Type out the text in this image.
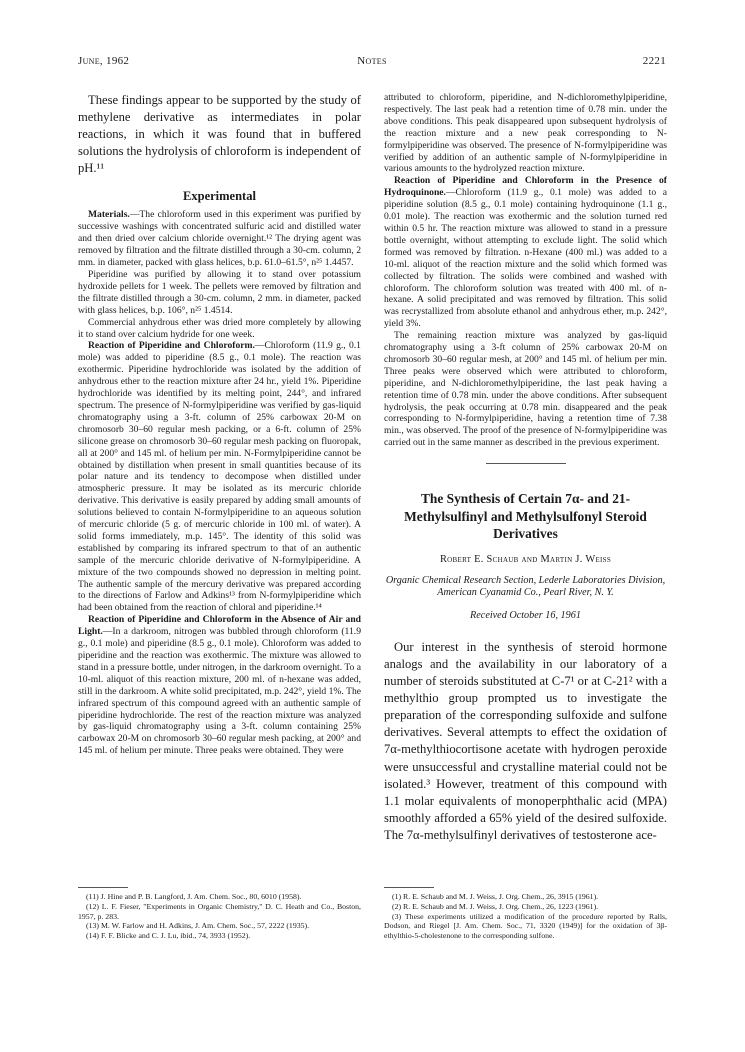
June, 1962	Notes	2221

These findings appear to be supported by the study of methylene derivative as intermediates in polar reactions, in which it was found that in buffered solutions the hydrolysis of chloroform is independent of pH.¹¹

Experimental

Materials.—The chloroform used in this experiment was purified by successive washings with concentrated sulfuric acid and distilled water and then dried over calcium chloride overnight.¹² The drying agent was removed by filtration and the filtrate distilled through a 30-cm. column, 2 mm. in diameter, packed with glass helices, b.p. 61.0–61.5°, n²⁵ 1.4457.

Piperidine was purified by allowing it to stand over potassium hydroxide pellets for 1 week. The pellets were removed by filtration and the filtrate distilled through a 30-cm. column, 2 mm. in diameter, packed with glass helices, b.p. 106°, n²⁵ 1.4514.

Commercial anhydrous ether was dried more completely by allowing it to stand over calcium hydride for one week.

Reaction of Piperidine and Chloroform.—Chloroform (11.9 g., 0.1 mole) was added to piperidine (8.5 g., 0.1 mole). The reaction was exothermic. Piperidine hydrochloride was isolated by the addition of anhydrous ether to the reaction mixture after 24 hr., yield 1%. Piperidine hydrochloride was identified by its melting point, 244°, and infrared spectrum. The presence of N-formylpiperidine was verified by gas-liquid chromatography using a 3-ft. column of 25% carbowax 20-M on chromosorb 30–60 regular mesh packing, or a 6-ft. column of 25% silicone grease on chromosorb 30–60 regular mesh packing on fluoropak, all at 200° and 145 ml. of helium per min. N-Formylpiperidine cannot be obtained by distillation when present in small quantities because of its polar nature and its tendency to decompose when distilled under atmospheric pressure. It may be isolated as its mercuric chloride derivative. This derivative is easily prepared by adding small amounts of solutions believed to contain N-formylpiperidine to an aqueous solution of mercuric chloride (5 g. of mercuric chloride in 100 ml. of water). A solid forms immediately, m.p. 145°. The identity of this solid was established by comparing its infrared spectrum to that of an authentic sample of the mercuric chloride derivative of N-formylpiperidine. A mixture of the two compounds showed no depression in melting point. The authentic sample of the mercury derivative was prepared according to the directions of Farlow and Adkins¹³ from N-formylpiperidine which had been obtained from the reaction of chloral and piperidine.¹⁴

Reaction of Piperidine and Chloroform in the Absence of Air and Light.—In a darkroom, nitrogen was bubbled through chloroform (11.9 g., 0.1 mole) and piperidine (8.5 g., 0.1 mole). Chloroform was added to piperidine and the reaction was exothermic. The mixture was allowed to stand in a pressure bottle, under nitrogen, in the darkroom overnight. To a 10-ml. aliquot of this reaction mixture, 200 ml. of n-hexane was added, still in the darkroom. A white solid precipitated, m.p. 242°, yield 1%. The infrared spectrum of this compound agreed with an authentic sample of piperidine hydrochloride. The rest of the reaction mixture was analyzed by gas-liquid chromatography using a 3-ft. column containing 25% carbowax 20-M on chromosorb 30–60 regular mesh packing, at 200° and 145 ml. of helium per minute. Three peaks were obtained. They were

(11) J. Hine and P. B. Langford, J. Am. Chem. Soc., 80, 6010 (1958).

(12) L. F. Fieser, "Experiments in Organic Chemistry," D. C. Heath and Co., Boston, 1957, p. 283.

(13) M. W. Farlow and H. Adkins, J. Am. Chem. Soc., 57, 2222 (1935).

(14) F. F. Blicke and C. J. Lu, ibid., 74, 3933 (1952).

attributed to chloroform, piperidine, and N-dichloromethylpiperidine, respectively. The last peak had a retention time of 0.78 min. under the above conditions. This peak disappeared upon subsequent hydrolysis of the reaction mixture and a new peak corresponding to N-formylpiperidine was observed. The presence of N-formylpiperidine was verified by addition of an authentic sample of N-formylpiperidine in various amounts to the hydrolyzed reaction mixture.

Reaction of Piperidine and Chloroform in the Presence of Hydroquinone.—Chloroform (11.9 g., 0.1 mole) was added to a piperidine solution (8.5 g., 0.1 mole) containing hydroquinone (1.1 g., 0.01 mole). The reaction was exothermic and the solution turned red within 0.5 hr. The reaction mixture was allowed to stand in a pressure bottle overnight, without attempting to exclude light. The solid which formed was removed by filtration. n-Hexane (400 ml.) was added to a 10-ml. aliquot of the reaction mixture and the solid which formed was collected by filtration. The solids were combined and washed with chloroform. The chloroform solution was treated with 400 ml. of n-hexane. A solid precipitated and was removed by filtration. This solid was recrystallized from absolute ethanol and anhydrous ether, m.p. 242°, yield 3%.

The remaining reaction mixture was analyzed by gas-liquid chromatography using a 3-ft column of 25% carbowax 20-M on chromosorb 30–60 regular mesh, at 200° and 145 ml. of helium per min. Three peaks were observed which were attributed to chloroform, piperidine, and N-dichloromethylpiperidine, the last peak having a retention time of 0.78 min. under the above conditions. After subsequent hydrolysis, the peak occurring at 0.78 min. disappeared and the peak corresponding to N-formylpiperidine, having a retention time of 7.38 min., was observed. The proof of the presence of N-formylpiperidine was carried out in the same manner as described in the previous experiment.

The Synthesis of Certain 7α- and 21-Methylsulfinyl and Methylsulfonyl Steroid Derivatives
Robert E. Schaub and Martin J. Weiss
Organic Chemical Research Section, Lederle Laboratories Division, American Cyanamid Co., Pearl River, N. Y.
Received October 16, 1961

Our interest in the synthesis of steroid hormone analogs and the availability in our laboratory of a number of steroids substituted at C-7¹ or at C-21² with a methylthio group prompted us to investigate the preparation of the corresponding sulfoxide and sulfone derivatives. Several attempts to effect the oxidation of 7α-methylthiocortisone acetate with hydrogen peroxide were unsuccessful and crystalline material could not be isolated.³ However, treatment of this compound with 1.1 molar equivalents of monoperphthalic acid (MPA) smoothly afforded a 65% yield of the desired sulfoxide. The 7α-methylsulfinyl derivatives of testosterone ace-

(1) R. E. Schaub and M. J. Weiss, J. Org. Chem., 26, 3915 (1961).

(2) R. E. Schaub and M. J. Weiss, J. Org. Chem., 26, 1223 (1961).

(3) These experiments utilized a modification of the procedure reported by Ralls, Dodson, and Riegel [J. Am. Chem. Soc., 71, 3320 (1949)] for the oxidation of 3β-ethylthio-5-cholestenone to the corresponding sulfone.
